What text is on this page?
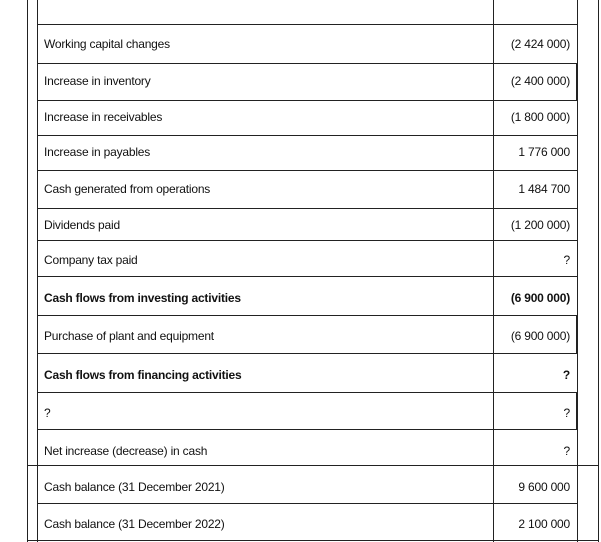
Working capital changes	(2 424 000)
Increase in inventory	(2 400 000)
Increase in receivables	(1 800 000)
Increase in payables	1 776 000
Cash generated from operations	1 484 700
Dividends paid	(1 200 000)
Company tax paid	?
Cash flows from investing activities	(6 900 000)
Purchase of plant and equipment	(6 900 000)
Cash flows from financing activities	?
?	?
Net increase (decrease) in cash	?
Cash balance (31 December 2021)	9 600 000
Cash balance (31 December 2022)	2 100 000
